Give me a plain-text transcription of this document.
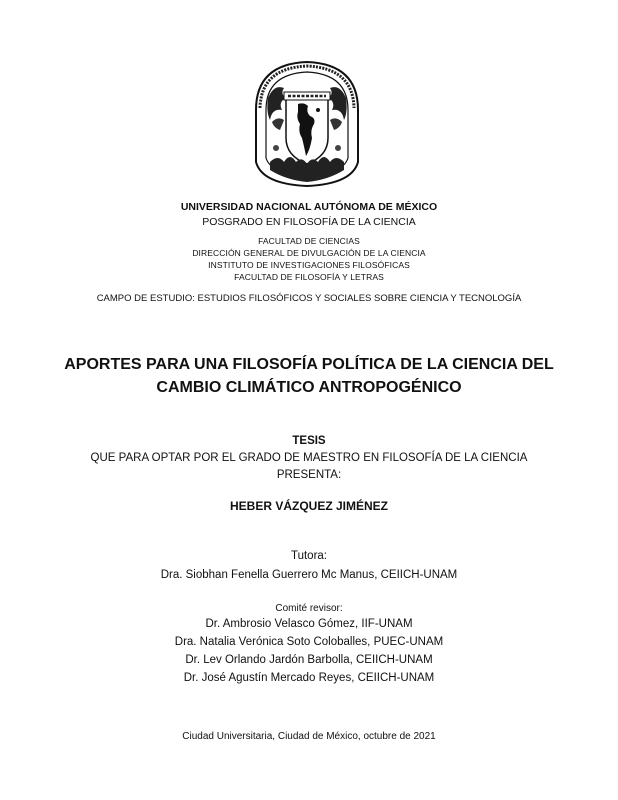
UNIVERSIDAD NACIONAL AUTÓNOMA DE MÉXICO
POSGRADO EN FILOSOFÍA DE LA CIENCIA
FACULTAD DE CIENCIAS
DIRECCIÓN GENERAL DE DIVULGACIÓN DE LA CIENCIA
INSTITUTO DE INVESTIGACIONES FILOSÓFICAS
FACULTAD DE FILOSOFÍA Y LETRAS
CAMPO DE ESTUDIO: ESTUDIOS FILOSÓFICOS Y SOCIALES SOBRE CIENCIA Y TECNOLOGÍA
APORTES PARA UNA FILOSOFÍA POLÍTICA DE LA CIENCIA DEL
CAMBIO CLIMÁTICO ANTROPOGÉNICO
TESIS
QUE PARA OPTAR POR EL GRADO DE MAESTRO EN FILOSOFÍA DE LA CIENCIA
PRESENTA:
HEBER VÁZQUEZ JIMÉNEZ
Tutora:
Dra. Siobhan Fenella Guerrero Mc Manus, CEIICH-UNAM
Comité revisor:
Dr. Ambrosio Velasco Gómez, IIF-UNAM
Dra. Natalia Verónica Soto Coloballes, PUEC-UNAM
Dr. Lev Orlando Jardón Barbolla, CEIICH-UNAM
Dr. José Agustín Mercado Reyes, CEIICH-UNAM
Ciudad Universitaria, Ciudad de México, octubre de 2021
